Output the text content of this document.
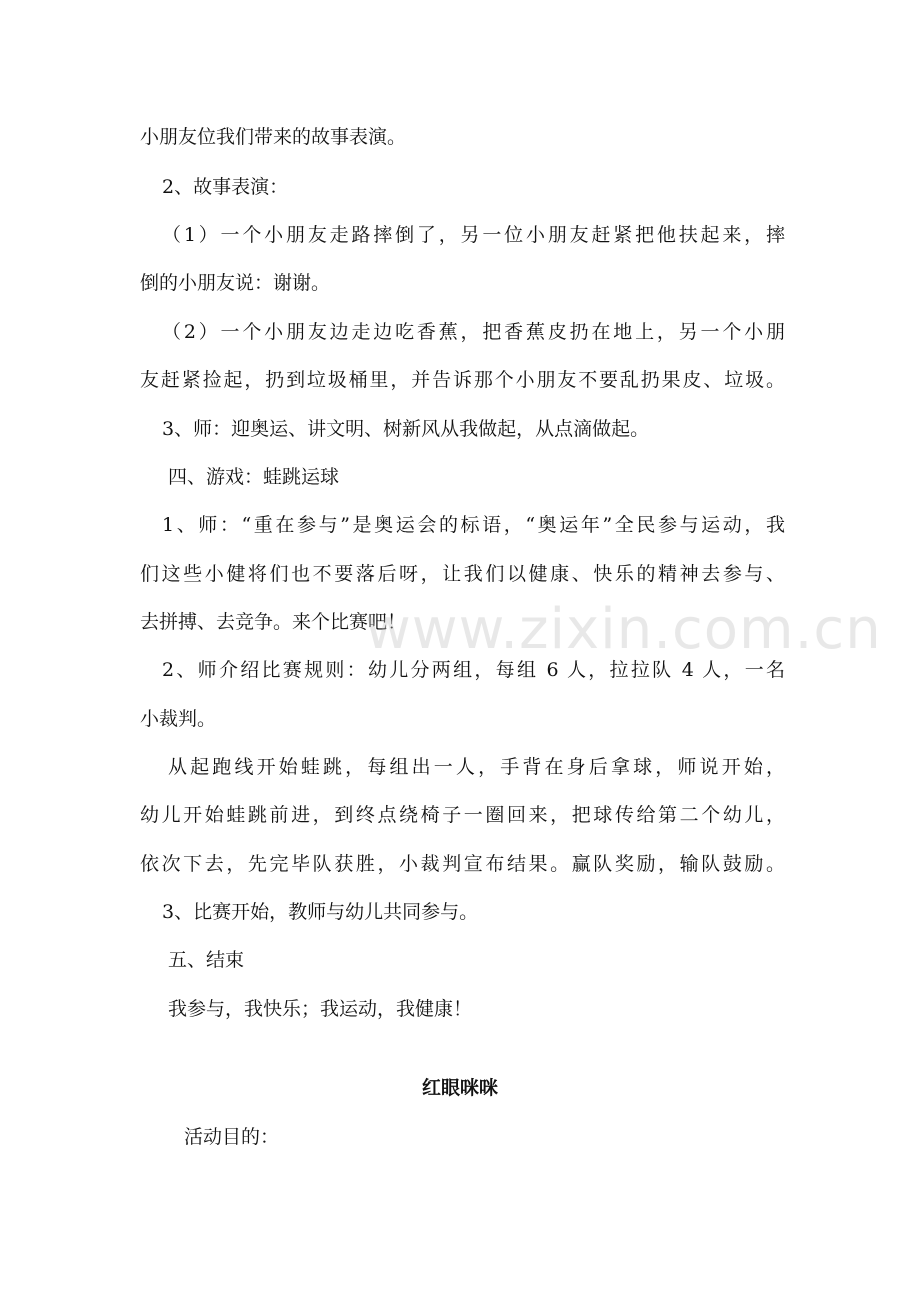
小朋友位我们带来的故事表演。
2、故事表演：
（1）一个小朋友走路摔倒了，另一位小朋友赶紧把他扶起来，摔
倒的小朋友说：谢谢。
（2）一个小朋友边走边吃香蕉，把香蕉皮扔在地上，另一个小朋
友赶紧捡起，扔到垃圾桶里，并告诉那个小朋友不要乱扔果皮、垃圾。
3、师：迎奥运、讲文明、树新风从我做起，从点滴做起。
四、游戏：蛙跳运球
1、师：“重在参与”是奥运会的标语，“奥运年”全民参与运动，我
们这些小健将们也不要落后呀，让我们以健康、快乐的精神去参与、
去拼搏、去竞争。来个比赛吧！
2、师介绍比赛规则：幼儿分两组，每组 6 人，拉拉队 4 人，一名
小裁判。
从起跑线开始蛙跳，每组出一人，手背在身后拿球，师说开始，
幼儿开始蛙跳前进，到终点绕椅子一圈回来，把球传给第二个幼儿，
依次下去，先完毕队获胜，小裁判宣布结果。赢队奖励，输队鼓励。
3、比赛开始，教师与幼儿共同参与。
五、结束
我参与，我快乐；我运动，我健康！
红眼咪咪
活动目的：
www.zixin.com.cn
